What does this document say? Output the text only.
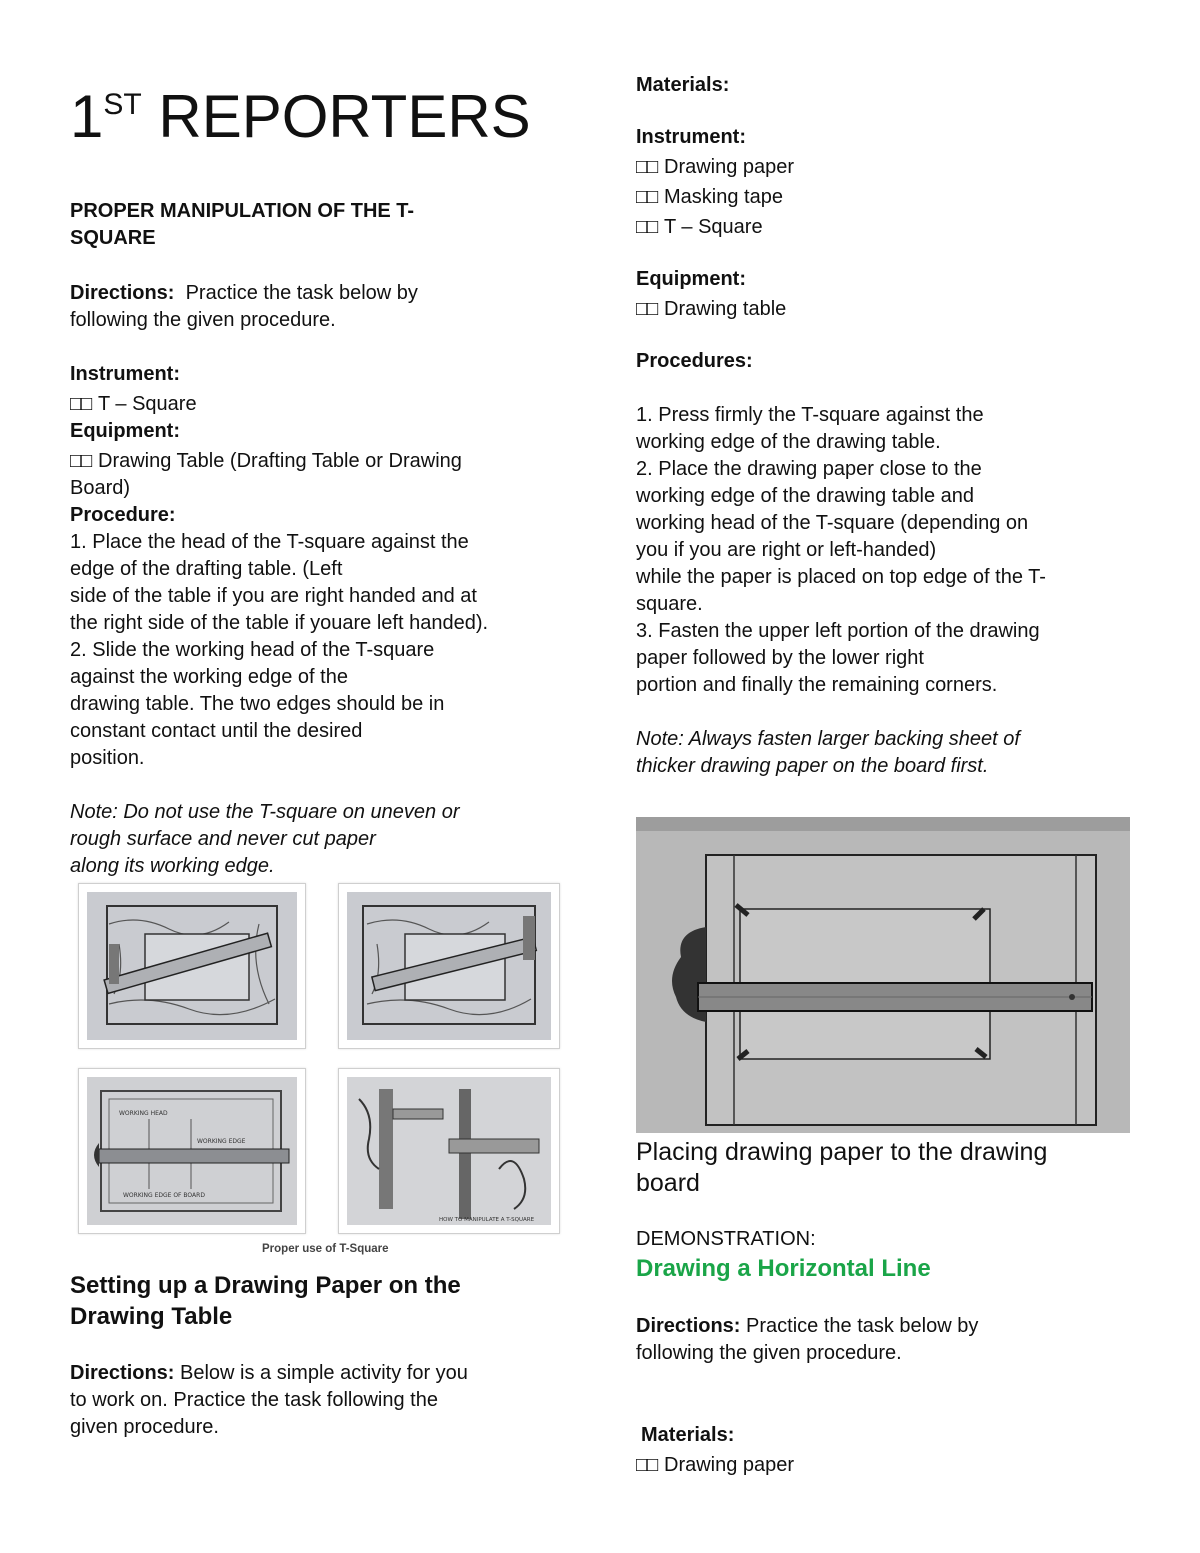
1ST REPORTERS

PROPER MANIPULATION OF THE T-

SQUARE

Directions:  Practice the task below by

following the given procedure.

Instrument:

□□ T – Square

Equipment:

□□ Drawing Table (Drafting Table or Drawing

Board)

Procedure:

1. Place the head of the T-square against the

edge of the drafting table. (Left

side of the table if you are right handed and at

the right side of the table if youare left handed).

2. Slide the working head of the T-square

against the working edge of the

drawing table. The two edges should be in

constant contact until the desired

position.

Note: Do not use the T-square on uneven or

rough surface and never cut paper

along its working edge.

WORKING HEAD
WORKING EDGE
WORKING EDGE OF BOARD
HOW TO MANIPULATE A T-SQUARE
Proper use of T-Square

Setting up a Drawing Paper on the

Drawing Table

Directions: Below is a simple activity for you

to work on. Practice the task following the

given procedure.

Materials:

Instrument:

□□ Drawing paper

□□ Masking tape

□□ T – Square

Equipment:

□□ Drawing table

Procedures:

1. Press firmly the T-square against the

working edge of the drawing table.

2. Place the drawing paper close to the

working edge of the drawing table and

working head of the T-square (depending on

you if you are right or left-handed)

while the paper is placed on top edge of the T-

square.

3. Fasten the upper left portion of the drawing

paper followed by the lower right

portion and finally the remaining corners.

Note: Always fasten larger backing sheet of

thicker drawing paper on the board first.

Placing drawing paper to the drawing

board

DEMONSTRATION:

Drawing a Horizontal Line

Directions: Practice the task below by

following the given procedure.

Materials:

□□ Drawing paper
